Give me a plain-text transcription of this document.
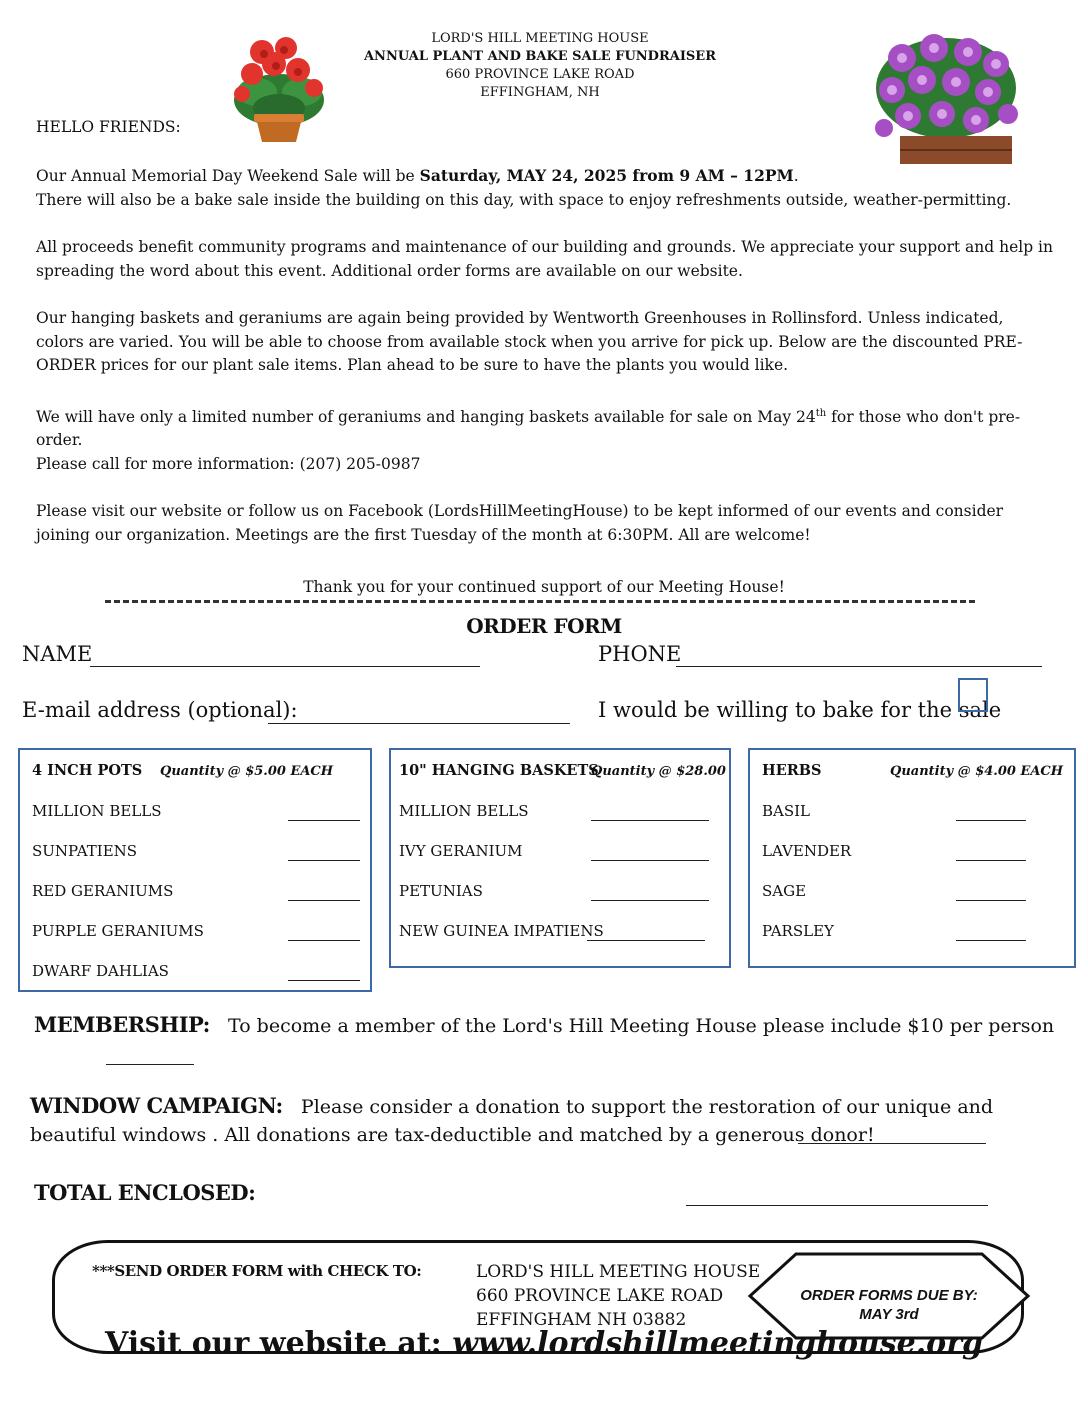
LORD'S HILL MEETING HOUSE
ANNUAL PLANT AND BAKE SALE FUNDRAISER
660 PROVINCE LAKE ROAD
EFFINGHAM, NH
HELLO FRIENDS:

Our Annual Memorial Day Weekend Sale will be Saturday, MAY 24, 2025 from 9 AM – 12PM.
There will also be a bake sale inside the building on this day, with space to enjoy refreshments outside, weather-permitting.

All proceeds benefit community programs and maintenance of our building and grounds. We appreciate your support and help in spreading the word about this event. Additional order forms are available on our website.

Our hanging baskets and geraniums are again being provided by Wentworth Greenhouses in Rollinsford. Unless indicated, colors are varied. You will be able to choose from available stock when you arrive for pick up. Below are the discounted PRE-ORDER prices for our plant sale items. Plan ahead to be sure to have the plants you would like.

We will have only a limited number of geraniums and hanging baskets available for sale on May 24th for those who don't pre-order.
Please call for more information: (207) 205-0987

Please visit our website or follow us on Facebook (LordsHillMeetingHouse) to be kept informed of our events and consider joining our organization. Meetings are the first Tuesday of the month at 6:30PM. All are welcome!

Thank you for your continued support of our Meeting House!
ORDER FORM
NAME	PHONE
E-mail address (optional):	I would be willing to bake for the sale
4 INCH POTS Quantity @ $5.00 EACH
MILLION BELLS
SUNPATIENS
RED GERANIUMS
PURPLE GERANIUMS
DWARF DAHLIAS
10" HANGING BASKETS
Quantity @ $28.00
MILLION BELLS
IVY GERANIUM
PETUNIAS
NEW GUINEA IMPATIENS
HERBS	Quantity @ $4.00 EACH
BASIL
LAVENDER
SAGE
PARSLEY
MEMBERSHIP: To become a member of the Lord's Hill Meeting House please include $10 per person
WINDOW CAMPAIGN: Please consider a donation to support the restoration of our unique and beautiful windows . All donations are tax-deductible and matched by a generous donor!
TOTAL ENCLOSED:
***SEND ORDER FORM with CHECK TO:	LORD'S HILL MEETING HOUSE
660 PROVINCE LAKE ROAD
EFFINGHAM NH 03882
ORDER FORMS DUE BY:
MAY 3rd
Visit our website at: www.lordshillmeetinghouse.org
